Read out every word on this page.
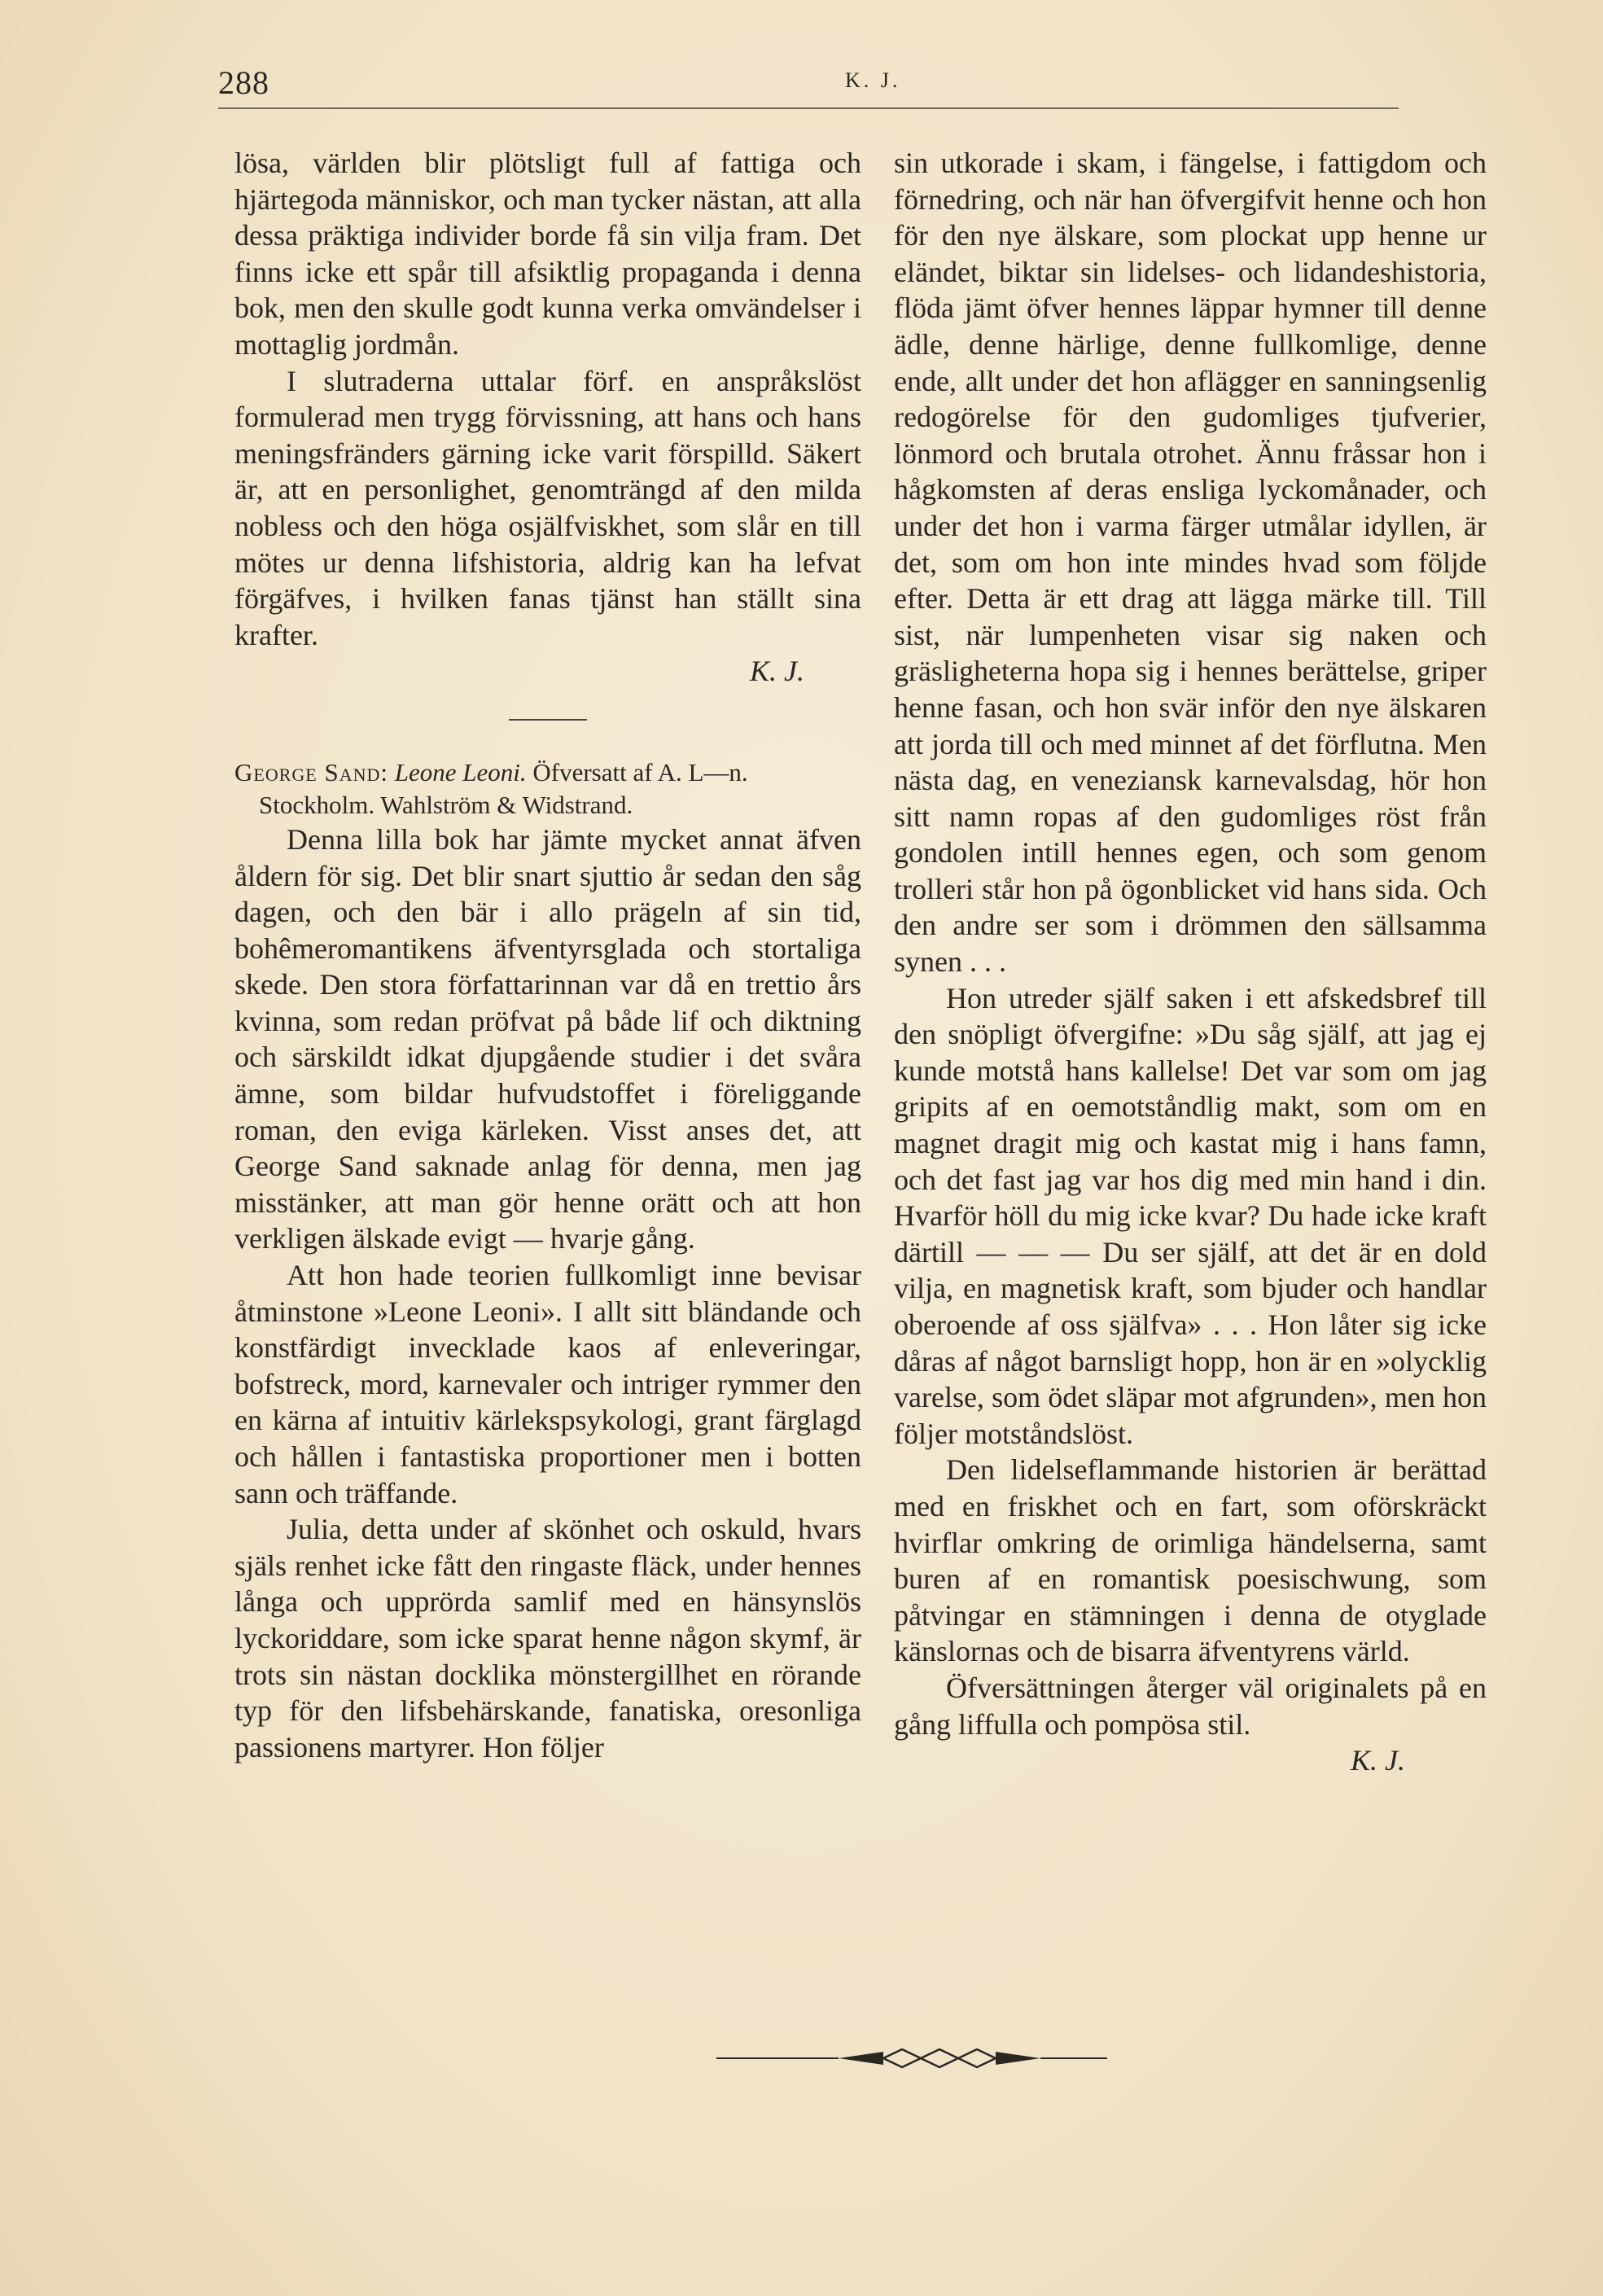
288	K. J.

lösa, världen blir plötsligt full af fattiga och hjärtegoda människor, och man tycker nästan, att alla dessa präktiga individer borde få sin vilja fram. Det finns icke ett spår till afsiktlig propaganda i denna bok, men den skulle godt kunna verka omvändelser i mottaglig jordmån.

I slutraderna uttalar förf. en anspråkslöst formulerad men trygg förvissning, att hans och hans meningsfränders gärning icke varit förspilld. Säkert är, att en personlighet, genomträngd af den milda nobless och den höga osjälfviskhet, som slår en till mötes ur denna lifshistoria, aldrig kan ha lefvat förgäfves, i hvilken fanas tjänst han ställt sina krafter.

K. J.

George Sand: Leone Leoni. Öfversatt af A. L—n.
Stockholm. Wahlström & Widstrand.

Denna lilla bok har jämte mycket annat äfven åldern för sig. Det blir snart sjuttio år sedan den såg dagen, och den bär i allo prägeln af sin tid, bohêmeromantikens äfventyrsglada och stortaliga skede. Den stora författarinnan var då en trettio års kvinna, som redan pröfvat på både lif och diktning och särskildt idkat djupgående studier i det svåra ämne, som bildar hufvudstoffet i föreliggande roman, den eviga kärleken. Visst anses det, att George Sand saknade anlag för denna, men jag misstänker, att man gör henne orätt och att hon verkligen älskade evigt — hvarje gång.

Att hon hade teorien fullkomligt inne bevisar åtminstone »Leone Leoni». I allt sitt bländande och konstfärdigt invecklade kaos af enleveringar, bofstreck, mord, karnevaler och intriger rymmer den en kärna af intuitiv kärlekspsykologi, grant färglagd och hållen i fantastiska proportioner men i botten sann och träffande.

Julia, detta under af skönhet och oskuld, hvars själs renhet icke fått den ringaste fläck, under hennes långa och upprörda samlif med en hänsynslös lyckoriddare, som icke sparat henne någon skymf, är trots sin nästan docklika mönstergillhet en rörande typ för den lifsbehärskande, fanatiska, oresonliga passionens martyrer. Hon följer

sin utkorade i skam, i fängelse, i fattigdom och förnedring, och när han öfvergifvit henne och hon för den nye älskare, som plockat upp henne ur eländet, biktar sin lidelses- och lidandeshistoria, flöda jämt öfver hennes läppar hymner till denne ädle, denne härlige, denne fullkomlige, denne ende, allt under det hon aflägger en sanningsenlig redogörelse för den gudomliges tjufverier, lönmord och brutala otrohet. Ännu fråssar hon i hågkomsten af deras ensliga lyckomånader, och under det hon i varma färger utmålar idyllen, är det, som om hon inte mindes hvad som följde efter. Detta är ett drag att lägga märke till. Till sist, när lumpenheten visar sig naken och gräsligheterna hopa sig i hennes berättelse, griper henne fasan, och hon svär inför den nye älskaren att jorda till och med minnet af det förflutna. Men nästa dag, en veneziansk karnevalsdag, hör hon sitt namn ropas af den gudomliges röst från gondolen intill hennes egen, och som genom trolleri står hon på ögonblicket vid hans sida. Och den andre ser som i drömmen den sällsamma synen . . .

Hon utreder själf saken i ett afskedsbref till den snöpligt öfvergifne: »Du såg själf, att jag ej kunde motstå hans kallelse! Det var som om jag gripits af en oemotståndlig makt, som om en magnet dragit mig och kastat mig i hans famn, och det fast jag var hos dig med min hand i din. Hvarför höll du mig icke kvar? Du hade icke kraft därtill — — — Du ser själf, att det är en dold vilja, en magnetisk kraft, som bjuder och handlar oberoende af oss själfva» . . . Hon låter sig icke dåras af något barnsligt hopp, hon är en »olycklig varelse, som ödet släpar mot afgrunden», men hon följer motståndslöst.

Den lidelseflammande historien är berättad med en friskhet och en fart, som oförskräckt hvirflar omkring de orimliga händelserna, samt buren af en romantisk poesischwung, som påtvingar en stämningen i denna de otyglade känslornas och de bisarra äfventyrens värld.

Öfversättningen återger väl originalets på en gång liffulla och pompösa stil.

K. J.
